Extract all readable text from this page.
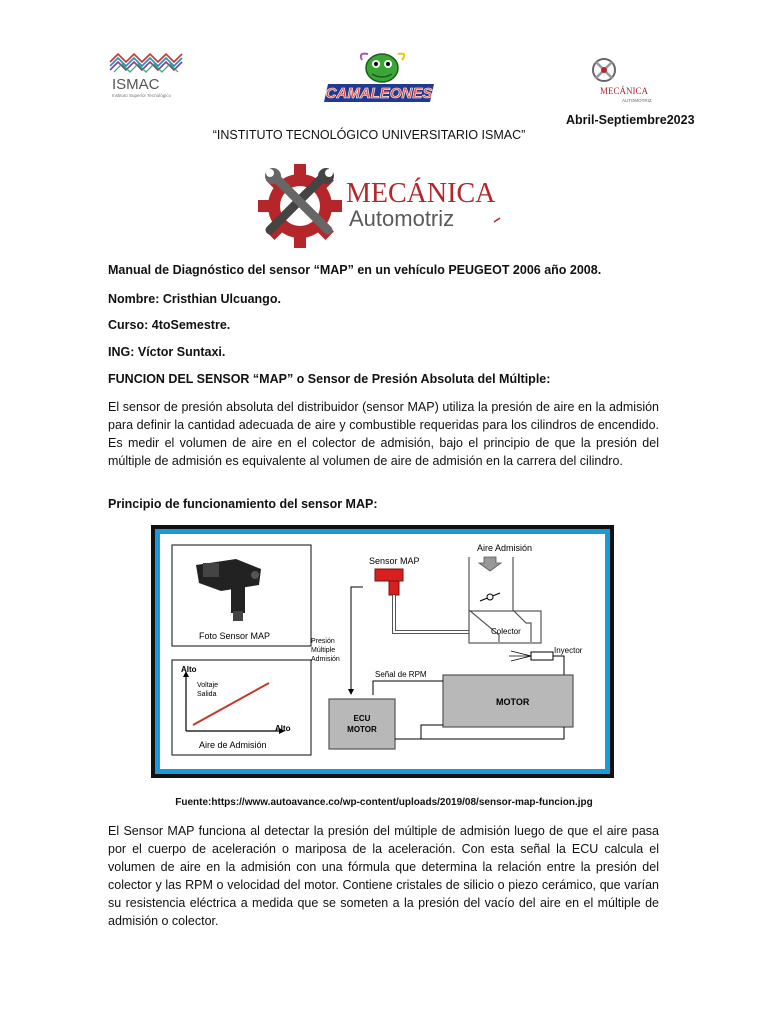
ISMAC
Instituto Superior Tecnológico	CAMALEONES	MECÁNICA
AUTOMOTRIZ
Abril-Septiembre2023
“INSTITUTO TECNOLÓGICO UNIVERSITARIO ISMAC”
MECÁNICA
Automotriz
Manual de Diagnóstico del sensor “MAP” en un vehículo PEUGEOT 2006 año 2008.
Nombre: Cristhian Ulcuango.
Curso: 4toSemestre.
ING: Víctor Suntaxi.
FUNCION DEL SENSOR “MAP” o Sensor de Presión Absoluta del Múltiple:
El sensor de presión absoluta del distribuidor (sensor MAP) utiliza la presión de aire en la admisión para definir la cantidad adecuada de aire y combustible requeridas para los cilindros de encendido. Es medir el volumen de aire en el colector de admisión, bajo el principio de que la presión del múltiple de admisión es equivalente al volumen de aire de admisión en la carrera del cilindro.
Principio de funcionamiento del sensor MAP:
Foto Sensor MAP
Alto
Voltaje
Salida
Alto
Aire de Admisión
Presión
Múltiple
Admisión
Sensor MAP
Aire Admisión
Colector
Inyector
MOTOR
Señal de RPM
ECU
MOTOR
Fuente:https://www.autoavance.co/wp-content/uploads/2019/08/sensor-map-funcion.jpg
El Sensor MAP funciona al detectar la presión del múltiple de admisión luego de que el aire pasa por el cuerpo de aceleración o mariposa de la aceleración. Con esta señal la ECU calcula el volumen de aire en la admisión con una fórmula que determina la relación entre la presión del colector y las RPM o velocidad del motor. Contiene cristales de silicio o piezo cerámico, que varían su resistencia eléctrica a medida que se someten a la presión del vacío del aire en el múltiple de admisión o colector.
